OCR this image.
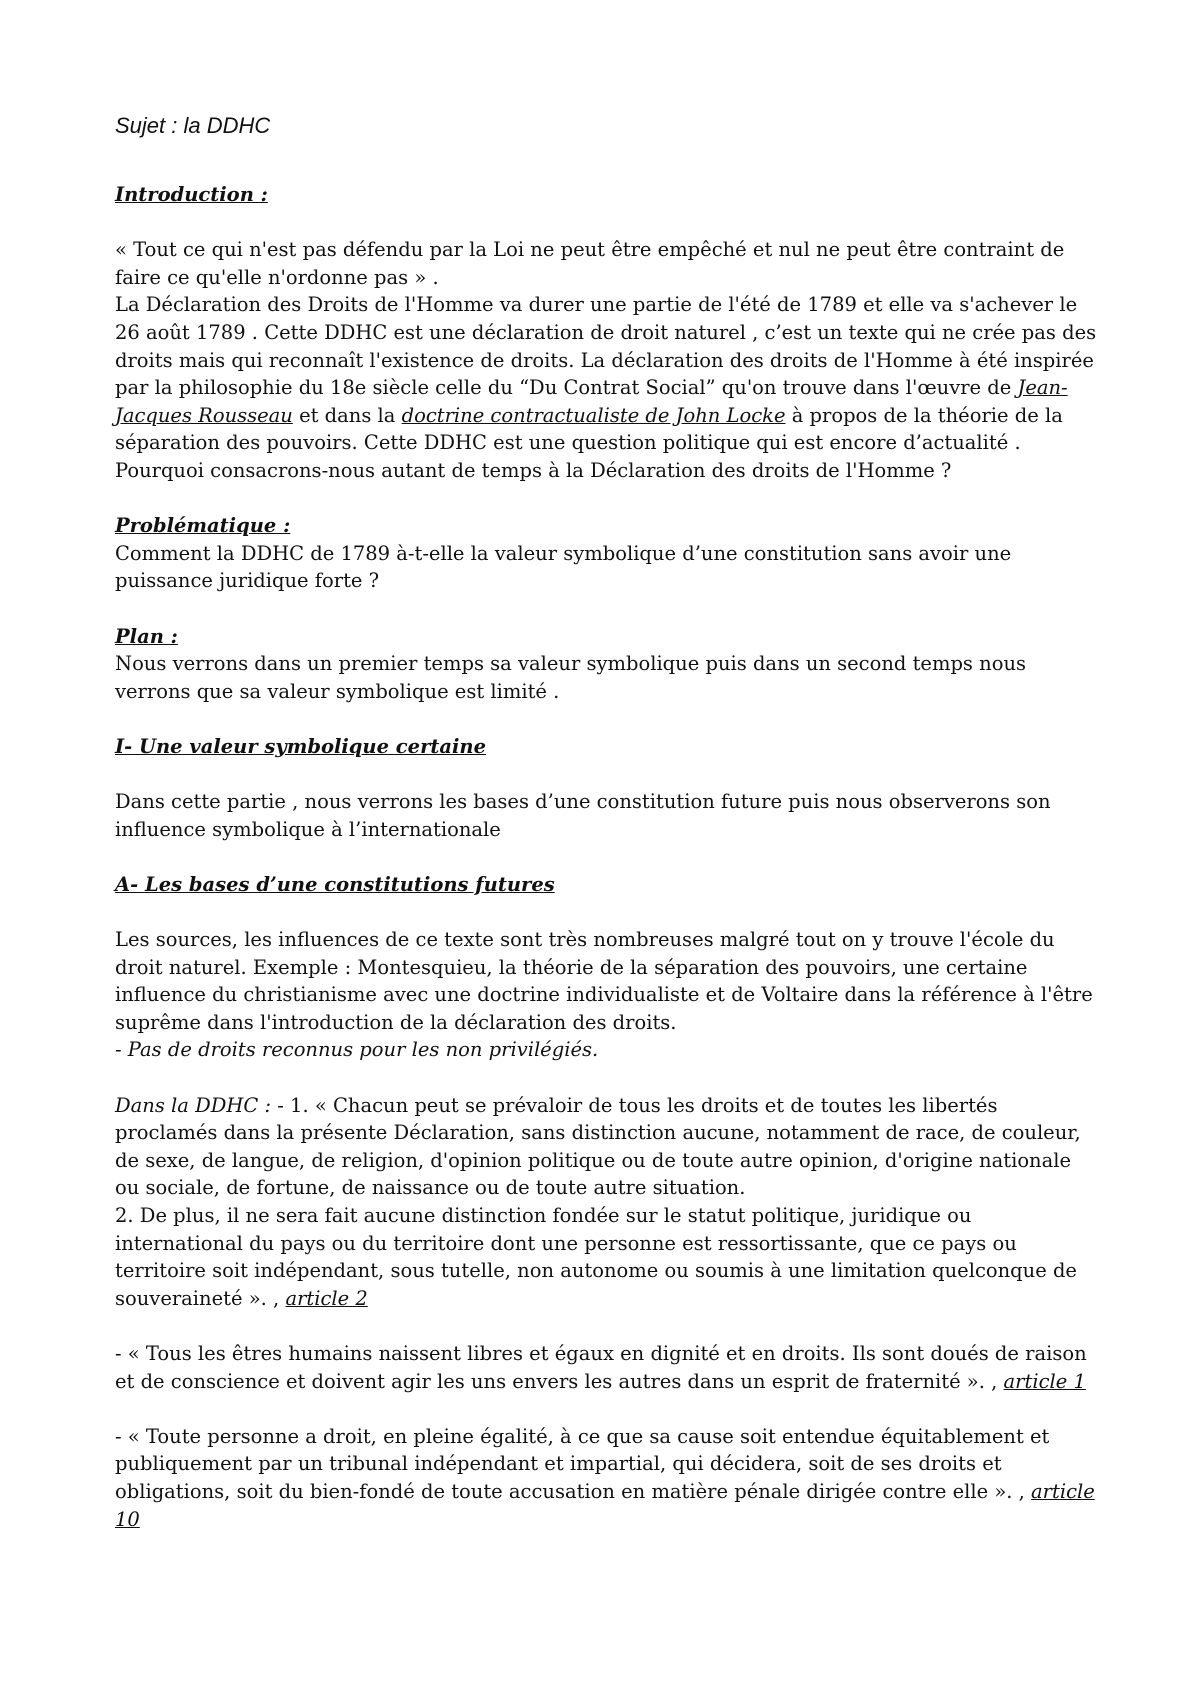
Sujet : la DDHC

Introduction :

« Tout ce qui n'est pas défendu par la Loi ne peut être empêché et nul ne peut être contraint de faire ce qu'elle n'ordonne pas » .

La Déclaration des Droits de l'Homme va durer une partie de l'été de 1789 et elle va s'achever le 26 août 1789 . Cette DDHC est une déclaration de droit naturel , c’est un texte qui ne crée pas des droits mais qui reconnaît l'existence de droits. La déclaration des droits de l'Homme à été inspirée par la philosophie du 18e siècle celle du “Du Contrat Social” qu'on trouve dans l'œuvre de Jean-Jacques Rousseau et dans la doctrine contractualiste de John Locke à propos de la théorie de la séparation des pouvoirs. Cette DDHC est une question politique qui est encore d’actualité .

Pourquoi consacrons-nous autant de temps à la Déclaration des droits de l'Homme ?

Problématique :

Comment la DDHC de 1789 à-t-elle la valeur symbolique d’une constitution sans avoir une puissance juridique forte ?

Plan :

Nous verrons dans un premier temps sa valeur symbolique puis dans un second temps nous verrons que sa valeur symbolique est limité .

I- Une valeur symbolique certaine

Dans cette partie , nous verrons les bases d’une constitution future puis nous observerons son influence symbolique à l’internationale

A- Les bases d’une constitutions futures

Les sources, les influences de ce texte sont très nombreuses malgré tout on y trouve l'école du droit naturel. Exemple : Montesquieu, la théorie de la séparation des pouvoirs, une certaine influence du christianisme avec une doctrine individualiste et de Voltaire dans la référence à l'être suprême dans l'introduction de la déclaration des droits.

- Pas de droits reconnus pour les non privilégiés.

Dans la DDHC : - 1. « Chacun peut se prévaloir de tous les droits et de toutes les libertés proclamés dans la présente Déclaration, sans distinction aucune, notamment de race, de couleur, de sexe, de langue, de religion, d'opinion politique ou de toute autre opinion, d'origine nationale ou sociale, de fortune, de naissance ou de toute autre situation.

2. De plus, il ne sera fait aucune distinction fondée sur le statut politique, juridique ou international du pays ou du territoire dont une personne est ressortissante, que ce pays ou territoire soit indépendant, sous tutelle, non autonome ou soumis à une limitation quelconque de souveraineté ». , article 2

- « Tous les êtres humains naissent libres et égaux en dignité et en droits. Ils sont doués de raison et de conscience et doivent agir les uns envers les autres dans un esprit de fraternité ». , article 1

- « Toute personne a droit, en pleine égalité, à ce que sa cause soit entendue équitablement et publiquement par un tribunal indépendant et impartial, qui décidera, soit de ses droits et obligations, soit du bien-fondé de toute accusation en matière pénale dirigée contre elle ». , article 10
